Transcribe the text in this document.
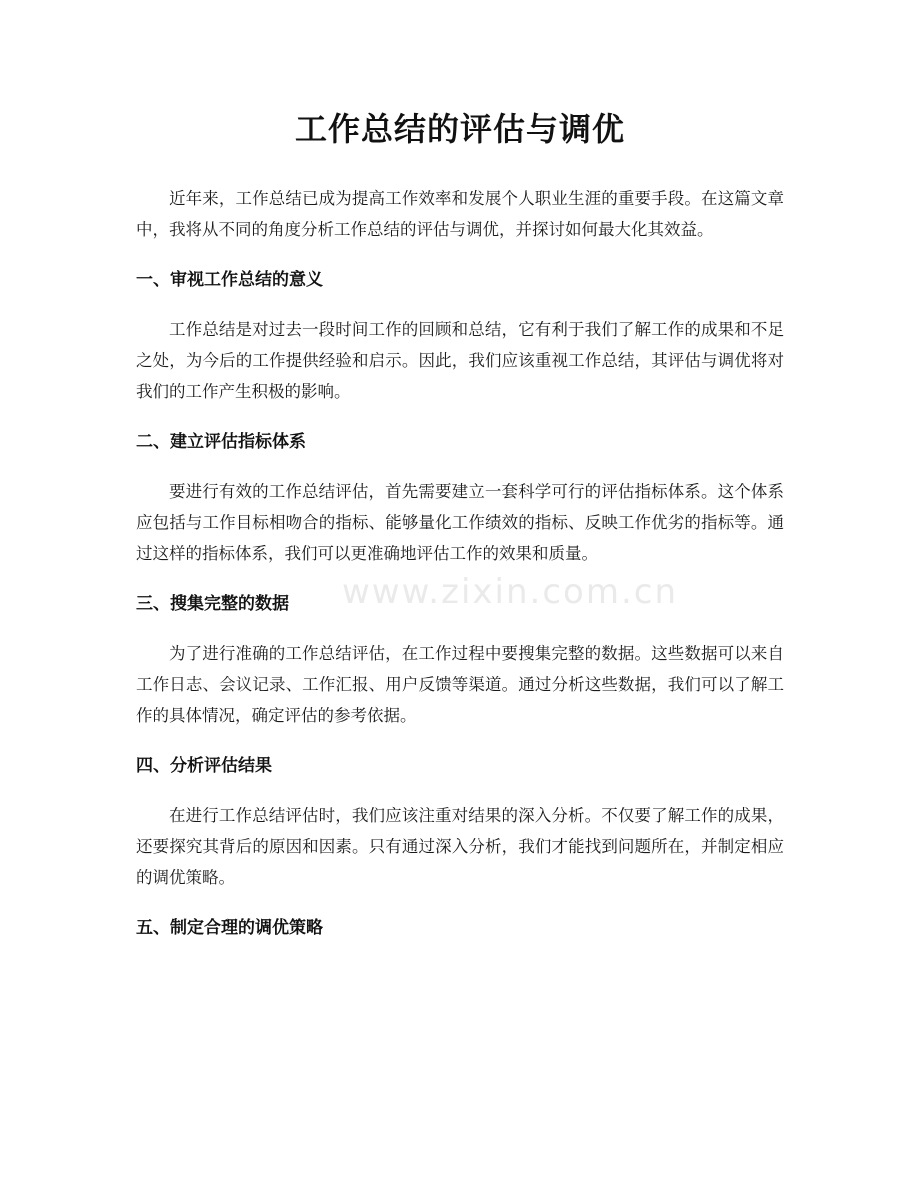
工作总结的评估与调优

近年来，工作总结已成为提高工作效率和发展个人职业生涯的重要手段。在这篇文章中，我将从不同的角度分析工作总结的评估与调优，并探讨如何最大化其效益。

一、审视工作总结的意义

工作总结是对过去一段时间工作的回顾和总结，它有利于我们了解工作的成果和不足之处，为今后的工作提供经验和启示。因此，我们应该重视工作总结，其评估与调优将对我们的工作产生积极的影响。

二、建立评估指标体系

要进行有效的工作总结评估，首先需要建立一套科学可行的评估指标体系。这个体系应包括与工作目标相吻合的指标、能够量化工作绩效的指标、反映工作优劣的指标等。通过这样的指标体系，我们可以更准确地评估工作的效果和质量。

三、搜集完整的数据

为了进行准确的工作总结评估，在工作过程中要搜集完整的数据。这些数据可以来自工作日志、会议记录、工作汇报、用户反馈等渠道。通过分析这些数据，我们可以了解工作的具体情况，确定评估的参考依据。

四、分析评估结果

在进行工作总结评估时，我们应该注重对结果的深入分析。不仅要了解工作的成果，还要探究其背后的原因和因素。只有通过深入分析，我们才能找到问题所在，并制定相应的调优策略。

五、制定合理的调优策略
www.zixin.com.cn
